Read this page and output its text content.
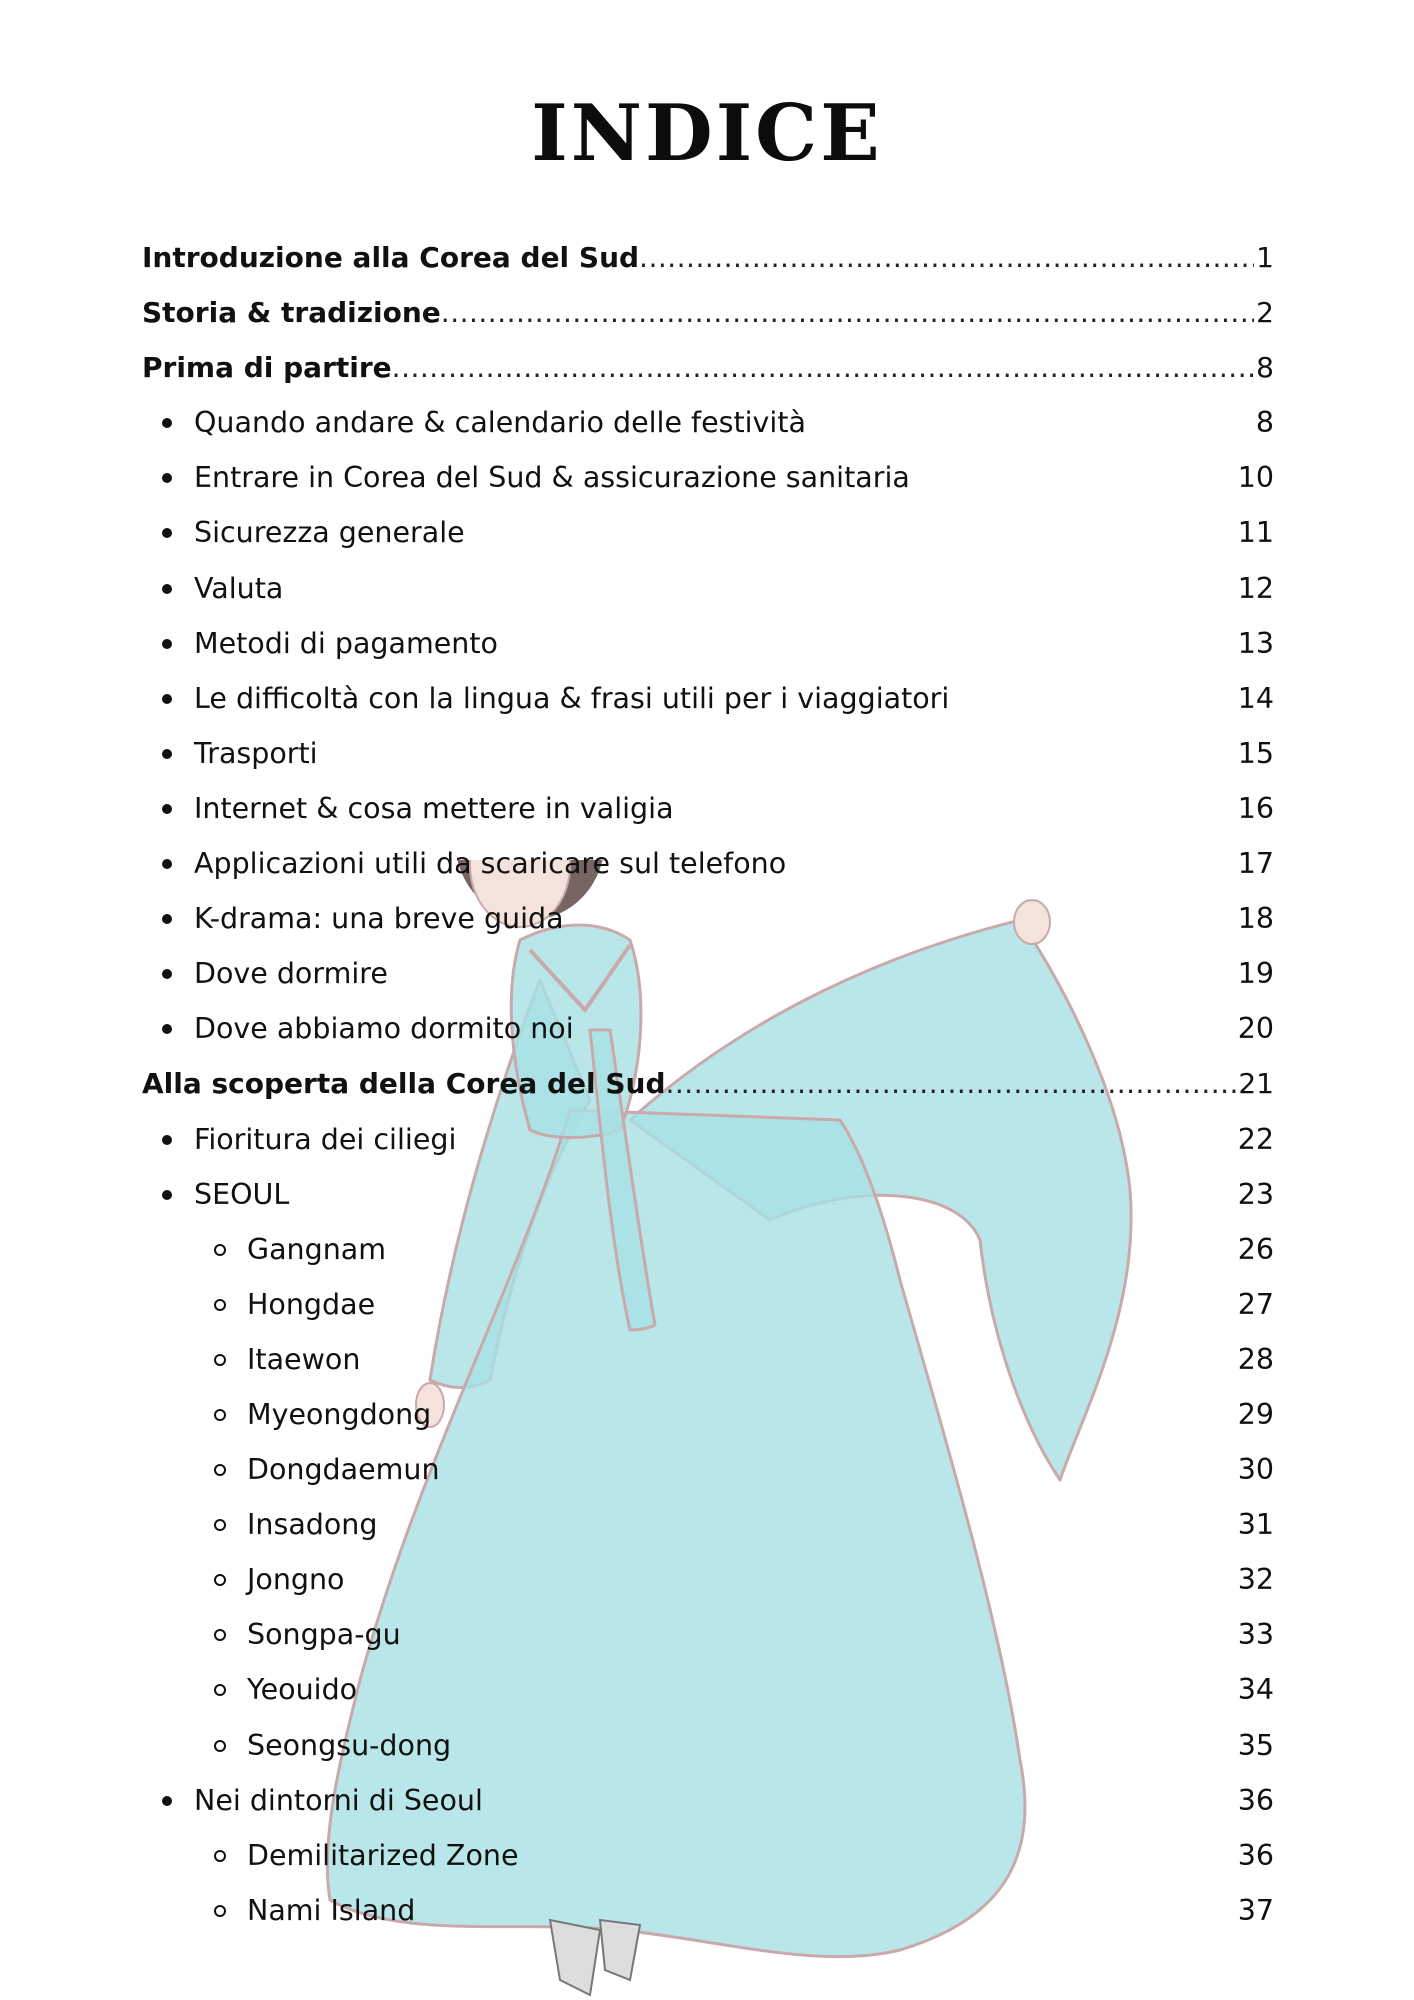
INDICE
Introduzione alla Corea del Sud .....	1
Storia & tradizione .....	2
Prima di partire .....	8
Quando andare & calendario delle festività	8
Entrare in Corea del Sud & assicurazione sanitaria	10
Sicurezza generale	11
Valuta	12
Metodi di pagamento	13
Le difficoltà con la lingua & frasi utili per i viaggiatori	14
Trasporti	15
Internet & cosa mettere in valigia	16
Applicazioni utili da scaricare sul telefono	17
K-drama: una breve guida	18
Dove dormire	19
Dove abbiamo dormito noi	20
Alla scoperta della Corea del Sud .....	21
Fioritura dei ciliegi	22
SEOUL	23
Gangnam	26
Hongdae	27
Itaewon	28
Myeongdong	29
Dongdaemun	30
Insadong	31
Jongno	32
Songpa-gu	33
Yeouido	34
Seongsu-dong	35
Nei dintorni di Seoul	36
Demilitarized Zone	36
Nami Island	37
